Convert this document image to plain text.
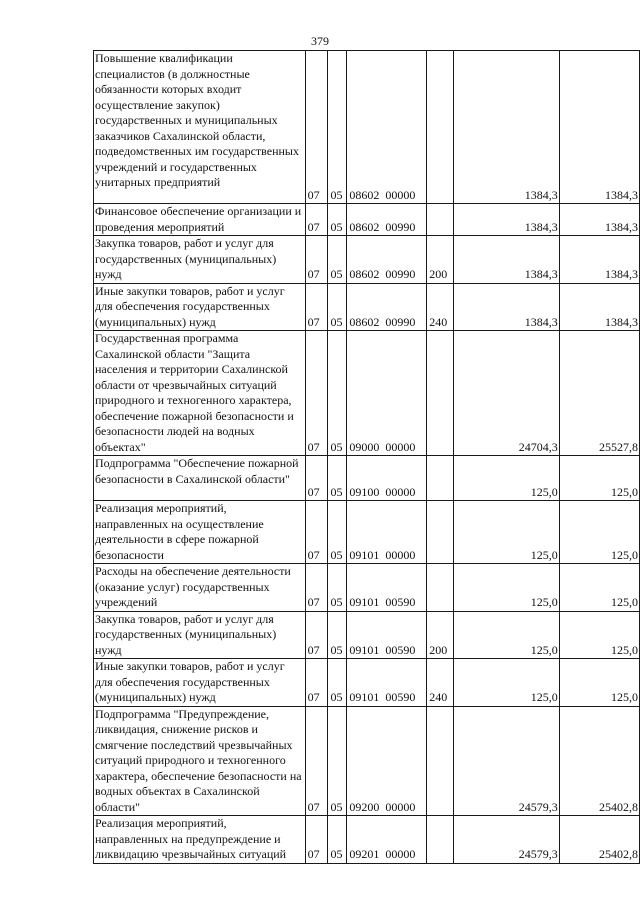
379
Повышение квалификации специалистов (в должностные обязанности которых входит осуществление закупок) государственных и муниципальных заказчиков Сахалинской области, подведомственных им государственных учреждений и государственных унитарных предприятий	07	05	08602 00000		1384,3	1384,3
Финансовое обеспечение организации и проведения мероприятий	07	05	08602 00990		1384,3	1384,3
Закупка товаров, работ и услуг для государственных (муниципальных) нужд	07	05	08602 00990	200	1384,3	1384,3
Иные закупки товаров, работ и услуг для обеспечения государственных (муниципальных) нужд	07	05	08602 00990	240	1384,3	1384,3
Государственная программа Сахалинской области "Защита населения и территории Сахалинской области от чрезвычайных ситуаций природного и техногенного характера, обеспечение пожарной безопасности и безопасности людей на водных объектах"	07	05	09000 00000		24704,3	25527,8
Подпрограмма "Обеспечение пожарной безопасности в Сахалинской области"	07	05	09100 00000		125,0	125,0
Реализация мероприятий, направленных на осуществление деятельности в сфере пожарной безопасности	07	05	09101 00000		125,0	125,0
Расходы на обеспечение деятельности (оказание услуг) государственных учреждений	07	05	09101 00590		125,0	125,0
Закупка товаров, работ и услуг для государственных (муниципальных) нужд	07	05	09101 00590	200	125,0	125,0
Иные закупки товаров, работ и услуг для обеспечения государственных (муниципальных) нужд	07	05	09101 00590	240	125,0	125,0
Подпрограмма "Предупреждение, ликвидация, снижение рисков и смягчение последствий чрезвычайных ситуаций природного и техногенного характера, обеспечение безопасности на водных объектах в Сахалинской области"	07	05	09200 00000		24579,3	25402,8
Реализация мероприятий, направленных на предупреждение и ликвидацию чрезвычайных ситуаций	07	05	09201 00000		24579,3	25402,8
